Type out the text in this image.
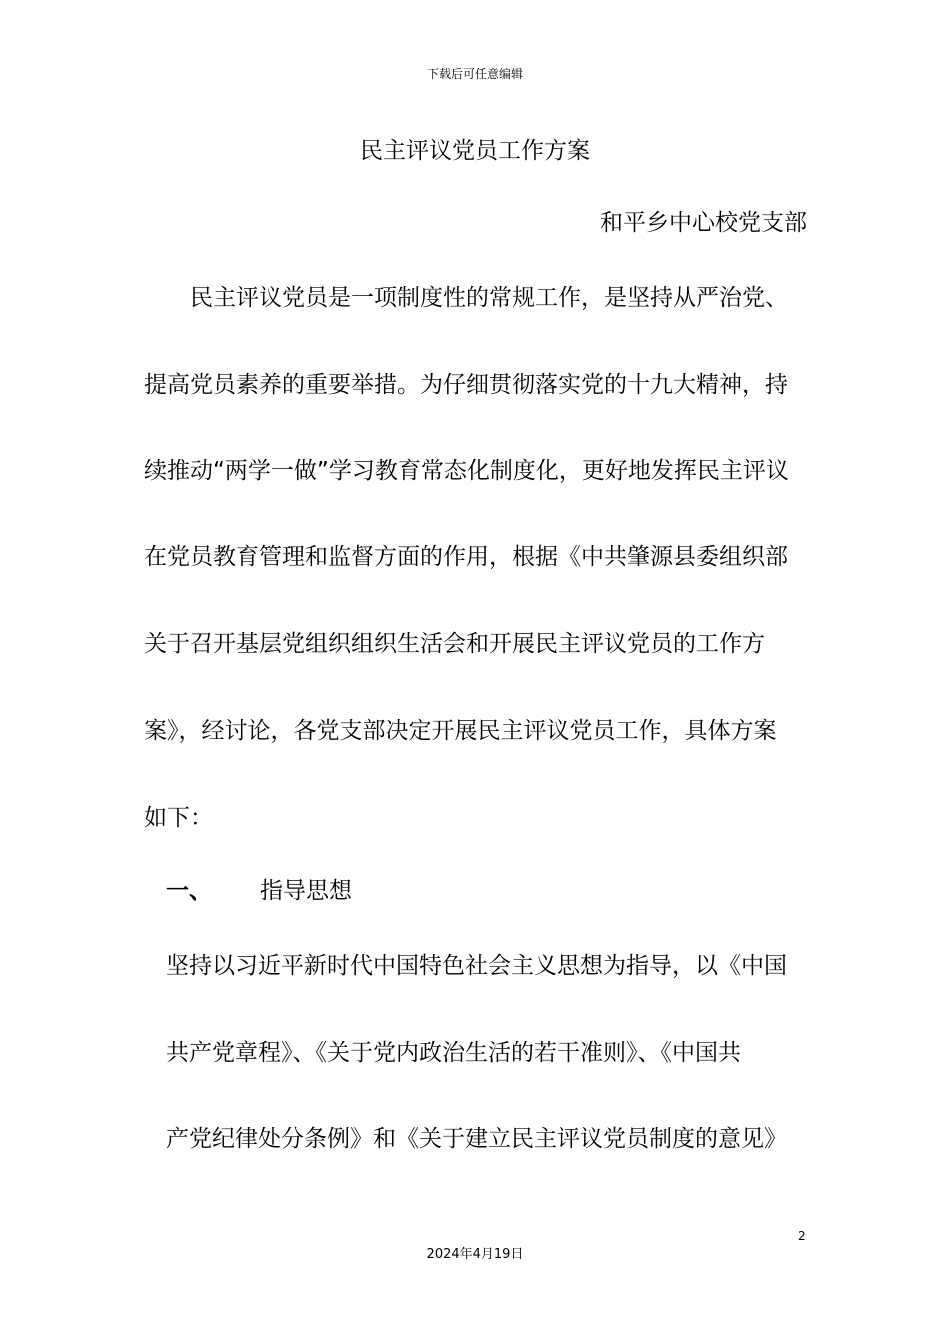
下载后可任意编辑
民主评议党员工作方案
和平乡中心校党支部
民主评议党员是一项制度性的常规工作，是坚持从严治党、
提高党员素养的重要举措。为仔细贯彻落实党的十九大精神，持
续推动“两学一做”学习教育常态化制度化，更好地发挥民主评议
在党员教育管理和监督方面的作用，根据《中共肇源县委组织部
关于召开基层党组织组织生活会和开展民主评议党员的工作方
案》，经讨论，各党支部决定开展民主评议党员工作，具体方案
如下：
一、 指导思想
坚持以习近平新时代中国特色社会主义思想为指导，以《中国
共产党章程》、《关于党内政治生活的若干准则》、《中国共
产党纪律处分条例》和《关于建立民主评议党员制度的意见》
2
2024年4月19日
